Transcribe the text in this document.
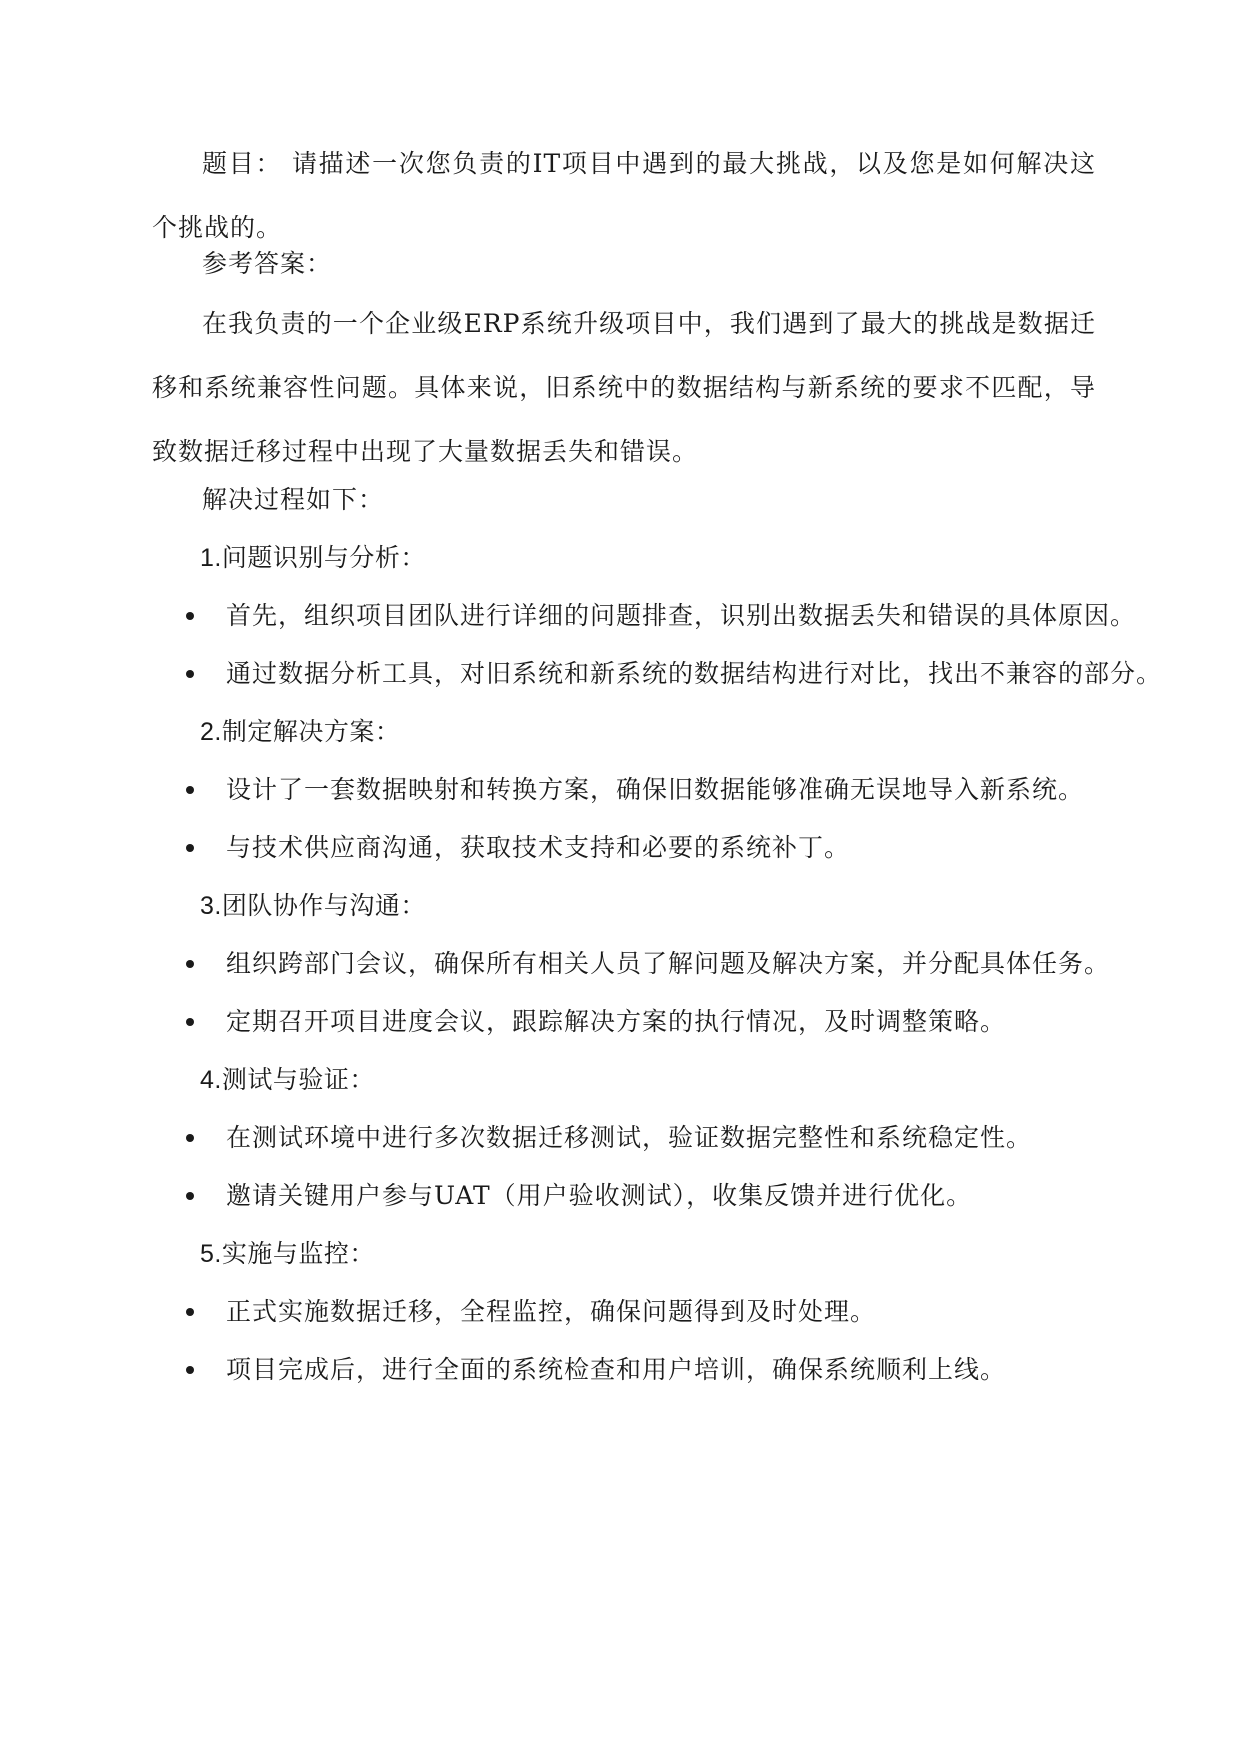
题目： 请描述一次您负责的IT项目中遇到的最大挑战，以及您是如何解决这个挑战的。

参考答案：

在我负责的一个企业级ERP系统升级项目中，我们遇到了最大的挑战是数据迁移和系统兼容性问题。具体来说，旧系统中的数据结构与新系统的要求不匹配，导致数据迁移过程中出现了大量数据丢失和错误。

解决过程如下：

1.问题识别与分析：

首先，组织项目团队进行详细的问题排查，识别出数据丢失和错误的具体原因。
通过数据分析工具，对旧系统和新系统的数据结构进行对比，找出不兼容的部分。

2.制定解决方案：

设计了一套数据映射和转换方案，确保旧数据能够准确无误地导入新系统。
与技术供应商沟通，获取技术支持和必要的系统补丁。

3.团队协作与沟通：

组织跨部门会议，确保所有相关人员了解问题及解决方案，并分配具体任务。
定期召开项目进度会议，跟踪解决方案的执行情况，及时调整策略。

4.测试与验证：

在测试环境中进行多次数据迁移测试，验证数据完整性和系统稳定性。
邀请关键用户参与UAT（用户验收测试），收集反馈并进行优化。

5.实施与监控：

正式实施数据迁移，全程监控，确保问题得到及时处理。
项目完成后，进行全面的系统检查和用户培训，确保系统顺利上线。
